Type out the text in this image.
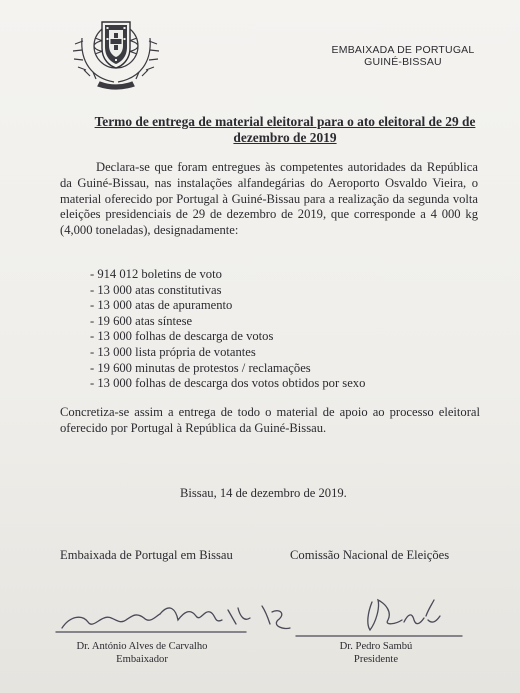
EMBAIXADA DE PORTUGAL
GUINÉ-BISSAU
Termo de entrega de material eleitoral para o ato eleitoral de 29 de dezembro de 2019
Declara-se que foram entregues às competentes autoridades da República da Guiné-Bissau, nas instalações alfandegárias do Aeroporto Osvaldo Vieira, o material oferecido por Portugal à Guiné-Bissau para a realização da segunda volta eleições presidenciais de 29 de dezembro de 2019, que corresponde a 4 000 kg (4,000 toneladas), designadamente:
- 914 012 boletins de voto
- 13 000 atas constitutivas
- 13 000 atas de apuramento
- 19 600 atas síntese
- 13 000 folhas de descarga de votos
- 13 000 lista própria de votantes
- 19 600 minutas de protestos / reclamações
- 13 000 folhas de descarga dos votos obtidos por sexo
Concretiza-se assim a entrega de todo o material de apoio ao processo eleitoral oferecido por Portugal à República da Guiné-Bissau.
Bissau, 14 de dezembro de 2019.
Embaixada de Portugal em Bissau	Comissão Nacional de Eleições
Dr. António Alves de Carvalho
Embaixador
Dr. Pedro Sambú
Presidente
